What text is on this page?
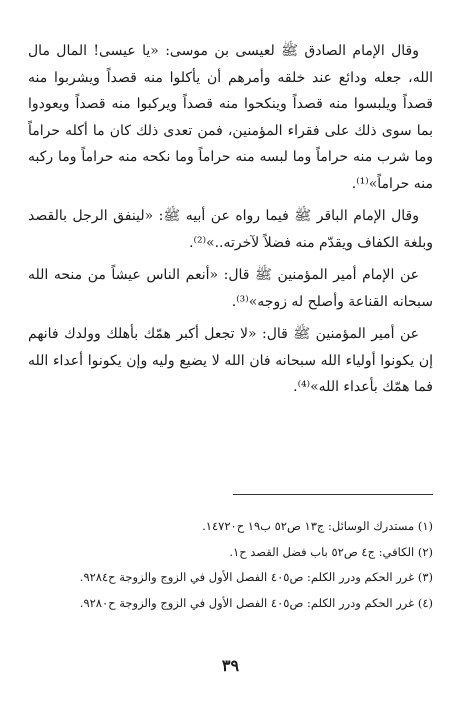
وقال الإمام الصادق ﷺ لعيسى بن موسى: «يا عيسى! المال مال الله، جعله ودائع عند خلقه وأمرهم أن يأكلوا منه قصداً ويشربوا منه قصداً ويلبسوا منه قصداً وينكحوا منه قصداً ويركبوا منه قصداً ويعودوا بما سوى ذلك على فقراء المؤمنين، فمن تعدى ذلك كان ما أكله حراماً وما شرب منه حراماً وما لبسه منه حراماً وما نكحه منه حراماً وما ركبه منه حراماً»⁽¹⁾.

وقال الإمام الباقر ﷺ فيما رواه عن أبيه ﷺ: «لينفق الرجل بالقصد وبلغة الكفاف ويقدّم منه فضلاً لآخرته..»⁽²⁾.

عن الإمام أمير المؤمنين ﷺ قال: «أنعم الناس عيشاً من منحه الله سبحانه القناعة وأصلح له زوجه»⁽³⁾.

عن أمير المؤمنين ﷺ قال: «لا تجعل أكبر همّك بأهلك وولدك فانهم إن يكونوا أولياء الله سبحانه فان الله لا يضيع وليه وإن يكونوا أعداء الله فما همّك بأعداء الله»⁽⁴⁾.

(١) مستدرك الوسائل: ج١٣ ص٥٢ ب١٩ ح١٤٧٢٠.

(٢) الكافي: ج٤ ص٥٢ باب فضل القصد ح١.

(٣) غرر الحكم ودرر الكلم: ص٤٠٥ الفصل الأول في الزوج والزوجة ح٩٢٨٤.

(٤) غرر الحكم ودرر الكلم: ص٤٠٥ الفصل الأول في الزوج والزوجة ح٩٢٨٠.

٣٩
